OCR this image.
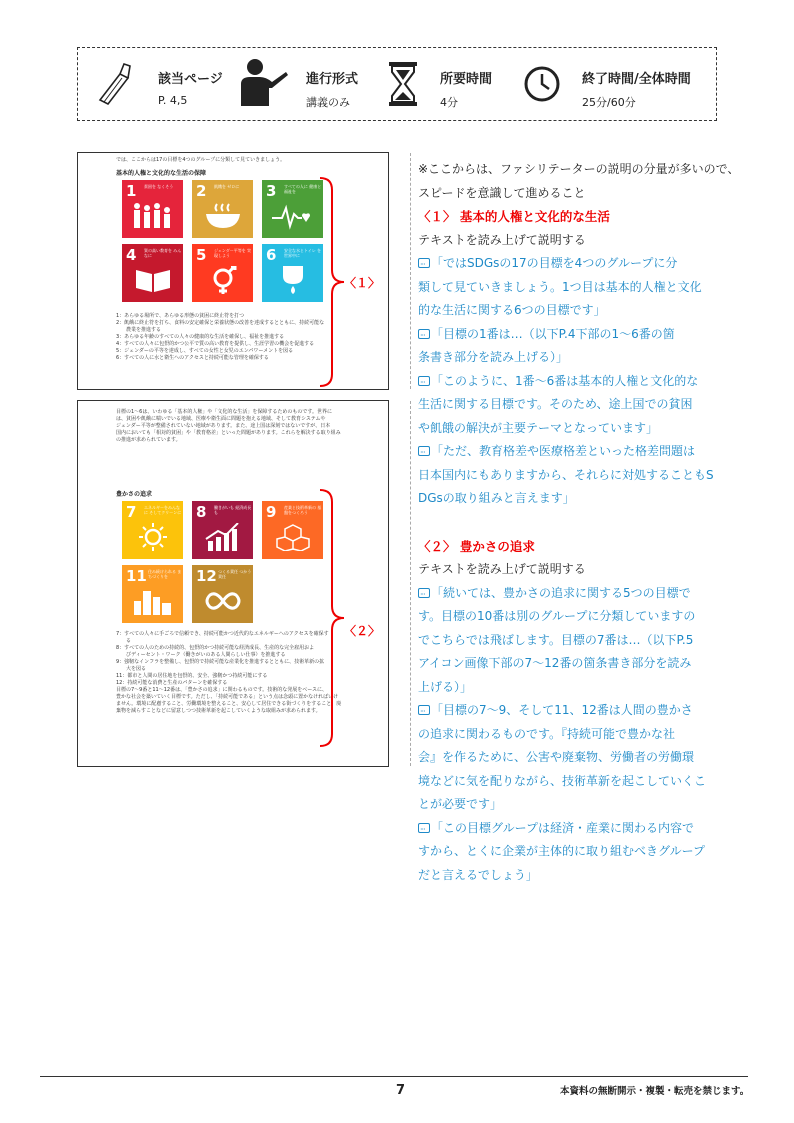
該当ページ
P. 4,5
進行形式
講義のみ
所要時間
4分
終了時間/全体時間
25分/60分
では、ここからは17の目標を4つのグループに分類して見ていきましょう。
基本的人権と文化的な生活の保障
1 貧困を なくそう 2 飢餓を ゼロに 3 すべての人に 健康と福祉を
4 質の高い教育を みんなに	5 ジェンダー平等を 実現しよう	6 安全な水とトイレ を世界中に
1：あらゆる場所で、あらゆる形態の貧困に終止符を打つ
2：飢餓に終止符を打ち、食料の安定確保と栄養状態の改善を達成するとともに、持続可能な
　　農業を推進する
3：あらゆる年齢のすべての人々の健康的な生活を確保し、福祉を推進する
4：すべての人々に包摂的かつ公平で質の高い教育を提供し、生涯学習の機会を促進する
5：ジェンダーの平等を達成し、すべての女性と女児のエンパワーメントを図る
6：すべての人に水と衛生へのアクセスと持続可能な管理を確保する
目標の1〜6は、いわゆる「基本的人権」や「文化的な生活」を保障するためのものです。世界に
は、貧困や飢餓に喘いでいる地域、医療や衛生面に問題を抱える地域、そして教育システムや
ジェンダー平等が整備されていない地域があります。また、途上国は深刻ではないですが、日本
国内においても「相対的貧困」や「教育格差」といった問題があります。これらを解決する取り組み
の推進が求められています。
豊かさの追求
7 エネルギーをみんなに そしてクリーンに 8 働きがいも 経済成長も	9 産業と技術革新の 基盤をつくろう
11 住み続けられる まちづくりを	12 つくる責任 つかう責任
7：すべての人々に手ごろで信頼でき、持続可能かつ近代的なエネルギーへのアクセスを確保す
　　る
8：すべての人のための持続的、包摂的かつ持続可能な経済成長、生産的な完全雇用およ
　　びディーセント・ワーク（働きがいのある人間らしい仕事）を推進する
9：強靭なインフラを整備し、包摂的で持続可能な産業化を推進するとともに、技術革新の拡
　　大を図る
11：都市と人間の居住地を包摂的、安全、強靭かつ持続可能にする
12：持続可能な消費と生産のパターンを確保する
目標の7〜9番と11〜12番は、「豊かさの追求」に関わるものです。技術的な発展をベースに、
豊かな社会を築いていく目標です。ただし、「持続可能である」という点は念頭に置かなければいけ
ません。環境に配慮すること、労働環境を整えること、安心して居住できる街づくりをすること。廃
棄物を減らすことなどに留意しつつ技術革新を起こしていくような取組みが求められます。
〈１〉
〈２〉
※ここからは、ファシリテーターの説明の分量が多いので、
スピードを意識して進めること
〈１〉 基本的人権と文化的な生活
テキストを読み上げて説明する
···「ではSDGsの17の目標を4つのグループに分
類して見ていきましょう。1つ目は基本的人権と文化
的な生活に関する6つの目標です」
···「目標の1番は…（以下P.4下部の1〜6番の箇
条書き部分を読み上げる）」
···「このように、1番〜6番は基本的人権と文化的な
生活に関する目標です。そのため、途上国での貧困
や飢餓の解決が主要テーマとなっています」
···「ただ、教育格差や医療格差といった格差問題は
日本国内にもありますから、それらに対処することもS
DGsの取り組みと言えます」
〈２〉 豊かさの追求
テキストを読み上げて説明する
···「続いては、豊かさの追求に関する5つの目標で
す。目標の10番は別のグループに分類していますの
でこちらでは飛ばします。目標の7番は…（以下P.5
アイコン画像下部の7〜12番の箇条書き部分を読み
上げる）」
···「目標の7〜9、そして11、12番は人間の豊かさ
の追求に関わるものです。『持続可能で豊かな社
会』を作るために、公害や廃棄物、労働者の労働環
境などに気を配りながら、技術革新を起こしていくこ
とが必要です」
···「この目標グループは経済・産業に関わる内容で
すから、とくに企業が主体的に取り組むべきグループ
だと言えるでしょう」
7	本資料の無断開示・複製・転売を禁じます。
